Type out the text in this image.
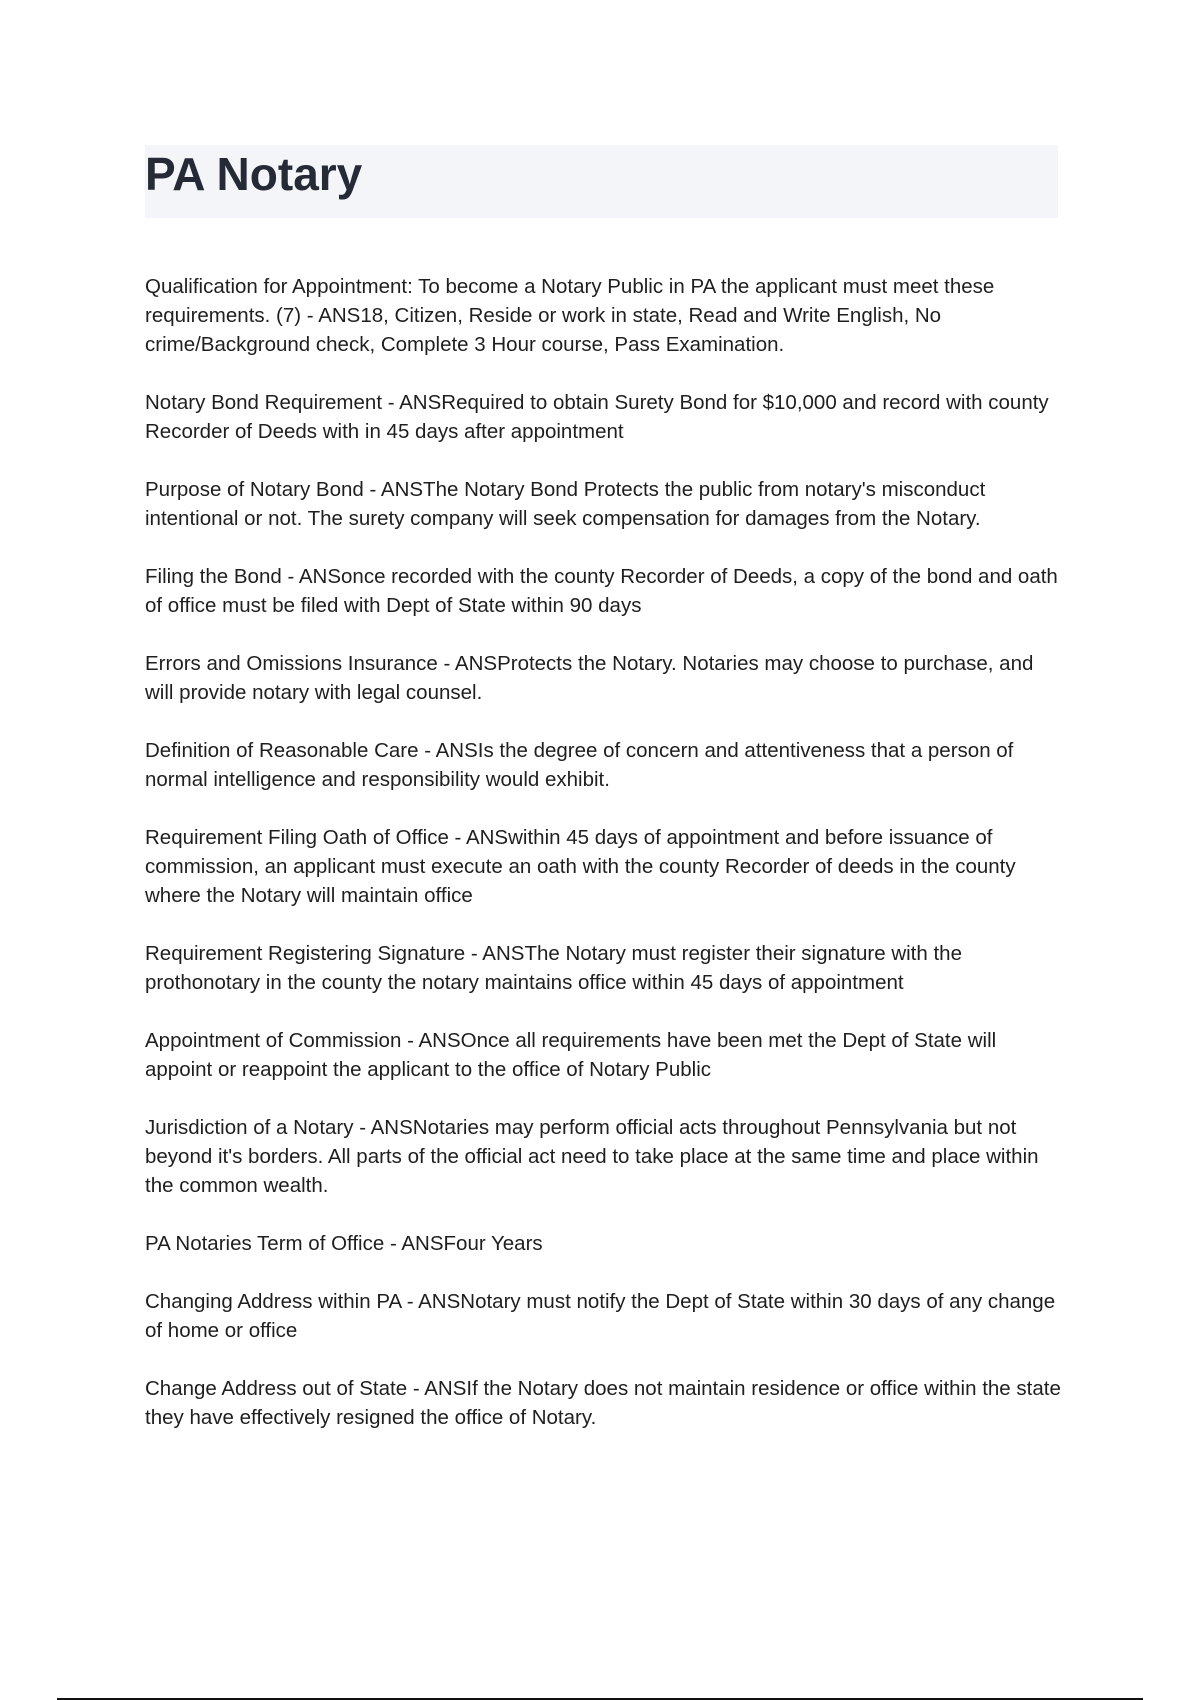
PA Notary
Qualification for Appointment: To become a Notary Public in PA the applicant must meet these requirements. (7) - ANS18, Citizen, Reside or work in state, Read and Write English, No crime/Background check, Complete 3 Hour course, Pass Examination.
Notary Bond Requirement - ANSRequired to obtain Surety Bond for $10,000 and record with county Recorder of Deeds with in 45 days after appointment
Purpose of Notary Bond - ANSThe Notary Bond Protects the public from notary's misconduct intentional or not. The surety company will seek compensation for damages from the Notary.
Filing the Bond - ANSonce recorded with the county Recorder of Deeds, a copy of the bond and oath of office must be filed with Dept of State within 90 days
Errors and Omissions Insurance - ANSProtects the Notary. Notaries may choose to purchase, and will provide notary with legal counsel.
Definition of Reasonable Care - ANSIs the degree of concern and attentiveness that a person of normal intelligence and responsibility would exhibit.
Requirement Filing Oath of Office - ANSwithin 45 days of appointment and before issuance of commission, an applicant must execute an oath with the county Recorder of deeds in the county where the Notary will maintain office
Requirement Registering Signature - ANSThe Notary must register their signature with the prothonotary in the county the notary maintains office within 45 days of appointment
Appointment of Commission - ANSOnce all requirements have been met the Dept of State will appoint or reappoint the applicant to the office of Notary Public
Jurisdiction of a Notary - ANSNotaries may perform official acts throughout Pennsylvania but not beyond it's borders. All parts of the official act need to take place at the same time and place within the common wealth.
PA Notaries Term of Office - ANSFour Years
Changing Address within PA - ANSNotary must notify the Dept of State within 30 days of any change of home or office
Change Address out of State - ANSIf the Notary does not maintain residence or office within the state they have effectively resigned the office of Notary.
